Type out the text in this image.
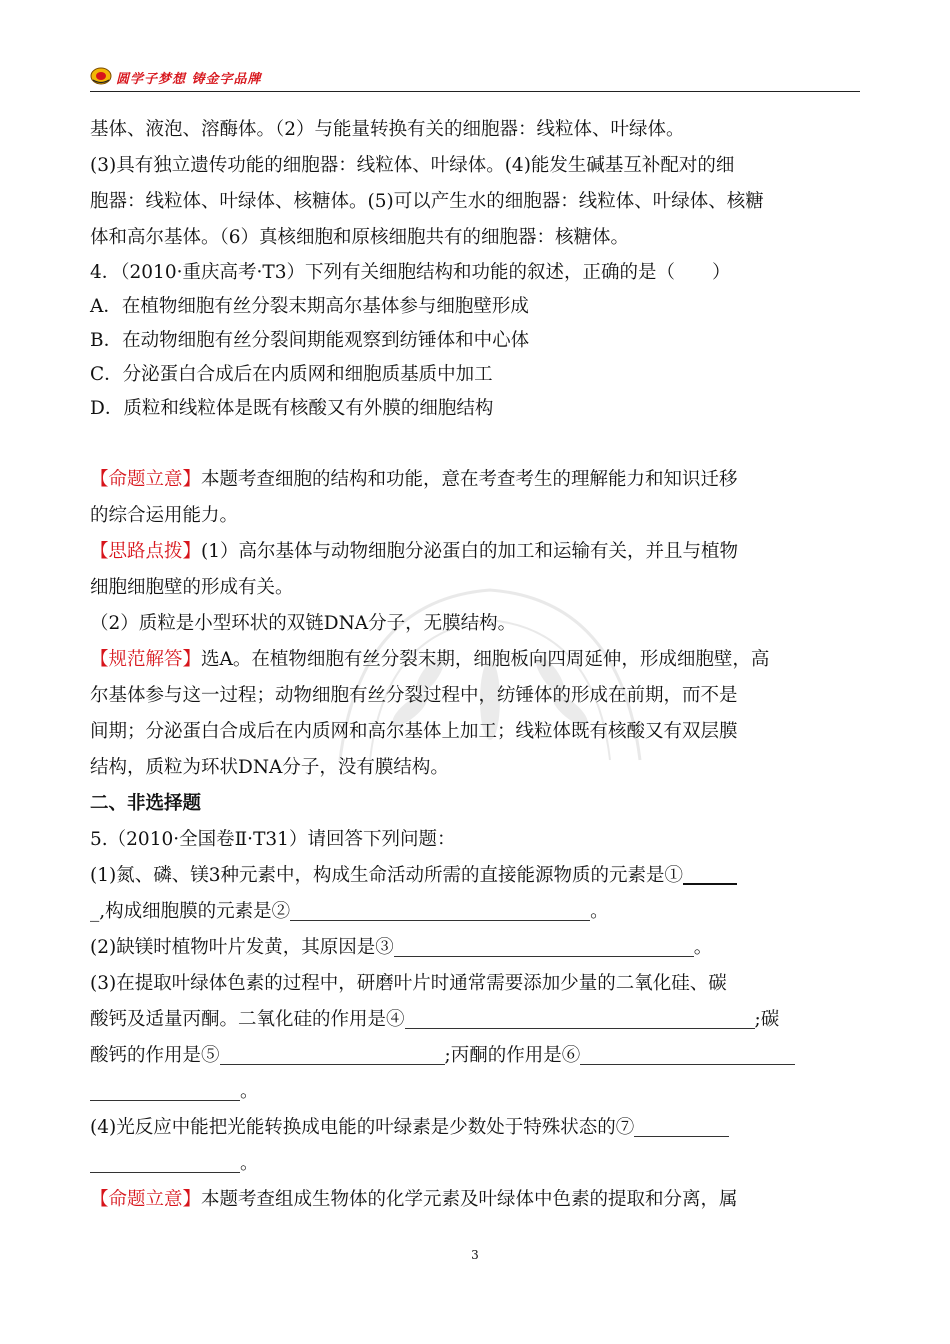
圆学子梦想 铸金字品牌
基体、液泡、溶酶体。（2）与能量转换有关的细胞器：线粒体、叶绿体。
(3)具有独立遗传功能的细胞器：线粒体、叶绿体。(4)能发生碱基互补配对的细
胞器：线粒体、叶绿体、核糖体。(5)可以产生水的细胞器：线粒体、叶绿体、核糖
体和高尔基体。（6）真核细胞和原核细胞共有的细胞器：核糖体。
4．（2010·重庆高考·T3）下列有关细胞结构和功能的叙述，正确的是（　　）
A．在植物细胞有丝分裂末期高尔基体参与细胞壁形成
B．在动物细胞有丝分裂间期能观察到纺锤体和中心体
C．分泌蛋白合成后在内质网和细胞质基质中加工
D．质粒和线粒体是既有核酸又有外膜的细胞结构
【命题立意】本题考查细胞的结构和功能，意在考查考生的理解能力和知识迁移
的综合运用能力。
【思路点拨】(1）高尔基体与动物细胞分泌蛋白的加工和运输有关，并且与植物
细胞细胞壁的形成有关。
（2）质粒是小型环状的双链DNA分子，无膜结构。
【规范解答】选A。在植物细胞有丝分裂末期，细胞板向四周延伸，形成细胞壁，高
尔基体参与这一过程；动物细胞有丝分裂过程中，纺锤体的形成在前期，而不是
间期；分泌蛋白合成后在内质网和高尔基体上加工；线粒体既有核酸又有双层膜
结构，质粒为环状DNA分子，没有膜结构。
二、非选择题
5.（2010·全国卷Ⅱ·T31）请回答下列问题：
(1)氮、磷、镁3种元素中，构成生命活动所需的直接能源物质的元素是①
_,构成细胞膜的元素是②	。
(2)缺镁时植物叶片发黄，其原因是③	。
(3)在提取叶绿体色素的过程中，研磨叶片时通常需要添加少量的二氧化硅、碳
酸钙及适量丙酮。二氧化硅的作用是④	;碳
酸钙的作用是⑤	;丙酮的作用是⑥
。
(4)光反应中能把光能转换成电能的叶绿素是少数处于特殊状态的⑦
。
【命题立意】本题考查组成生物体的化学元素及叶绿体中色素的提取和分离，属
3
